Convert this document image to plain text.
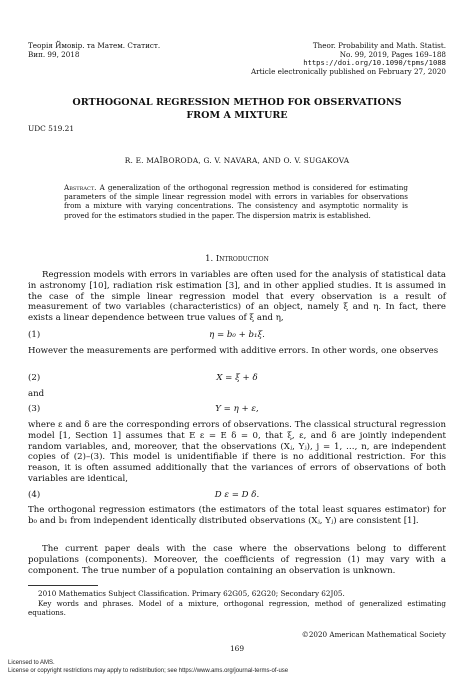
Теорія Ймовір. та Матем. Статист.
Вип. 99, 2018
Theor. Probability and Math. Statist.
No. 99, 2019, Pages 169–188
https://doi.org/10.1090/tpms/1088
Article electronically published on February 27, 2020
ORTHOGONAL REGRESSION METHOD FOR OBSERVATIONS
FROM A MIXTURE
UDC 519.21
R. E. MAÏBORODA, G. V. NAVARA, AND O. V. SUGAKOVA
Abstract. A generalization of the orthogonal regression method is considered for estimating parameters of the simple linear regression model with errors in variables for observations from a mixture with varying concentrations. The consistency and asymptotic normality is proved for the estimators studied in the paper. The dispersion matrix is established.
1. Introduction
Regression models with errors in variables are often used for the analysis of statistical data in astronomy [10], radiation risk estimation [3], and in other applied studies. It is assumed in the case of the simple linear regression model that every observation is a result of measurement of two variables (characteristics) of an object, namely ξ and η. In fact, there exists a linear dependence between true values of ξ and η,
(1)	η = b₀ + b₁ξ.
However the measurements are performed with additive errors. In other words, one observes
(2)	X = ξ + δ
and
(3)	Y = η + ε,
where ε and δ are the corresponding errors of observations. The classical structural regression model [1, Section 1] assumes that E ε = E δ = 0, that ξ, ε, and δ are jointly independent random variables, and, moreover, that the observations (Xⱼ, Yⱼ), j = 1, …, n, are independent copies of (2)–(3). This model is unidentifiable if there is no additional restriction. For this reason, it is often assumed additionally that the variances of errors of observations of both variables are identical,
(4)	D ε = D δ.
The orthogonal regression estimators (the estimators of the total least squares estimator) for b₀ and b₁ from independent identically distributed observations (Xⱼ, Yⱼ) are consistent [1].
The current paper deals with the case where the observations belong to different populations (components). Moreover, the coefficients of regression (1) may vary with a component. The true number of a population containing an observation is unknown.
2010 Mathematics Subject Classification. Primary 62G05, 62G20; Secondary 62J05.
Key words and phrases. Model of a mixture, orthogonal regression, method of generalized estimating equations.
©2020 American Mathematical Society
169
Licensed to AMS.
License or copyright restrictions may apply to redistribution; see https://www.ams.org/journal-terms-of-use
